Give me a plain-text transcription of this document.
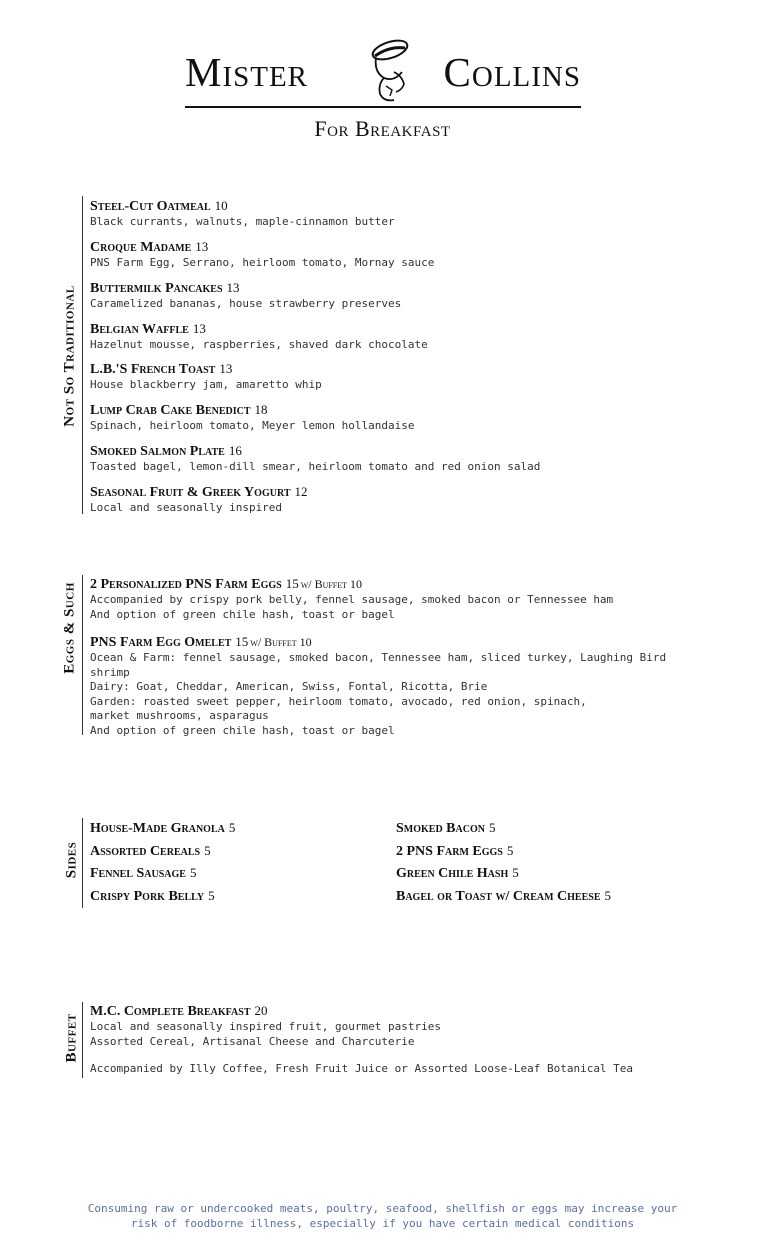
Mister	Collins
For Breakfast
Not So Traditional
Steel-Cut Oatmeal 10
Black currants, walnuts, maple-cinnamon butter
Croque Madame 13
PNS Farm Egg, Serrano, heirloom tomato, Mornay sauce
Buttermilk Pancakes 13
Caramelized bananas, house strawberry preserves
Belgian Waffle 13
Hazelnut mousse, raspberries, shaved dark chocolate
L.B.'S French Toast 13
House blackberry jam, amaretto whip
Lump Crab Cake Benedict 18
Spinach, heirloom tomato, Meyer lemon hollandaise
Smoked Salmon Plate 16
Toasted bagel, lemon-dill smear, heirloom tomato and red onion salad
Seasonal Fruit & Greek Yogurt 12
Local and seasonally inspired
Eggs & Such 2 Personalized PNS Farm Eggs 15 w/ Buffet 10
Accompanied by crispy pork belly, fennel sausage, smoked bacon or Tennessee ham
And option of green chile hash, toast or bagel
PNS Farm Egg Omelet 15 w/ Buffet 10
Ocean & Farm: fennel sausage, smoked bacon, Tennessee ham, sliced turkey, Laughing Bird shrimp
Dairy: Goat, Cheddar, American, Swiss, Fontal, Ricotta, Brie
Garden: roasted sweet pepper, heirloom tomato, avocado, red onion, spinach, market mushrooms, asparagus
And option of green chile hash, toast or bagel
Sides
House-Made Granola 5
Assorted Cereals 5
Fennel Sausage 5
Crispy Pork Belly 5
Smoked Bacon 5
2 PNS Farm Eggs 5
Green Chile Hash 5
Bagel or Toast w/ Cream Cheese 5
Buffet
M.C. Complete Breakfast 20
Local and seasonally inspired fruit, gourmet pastries
Assorted Cereal, Artisanal Cheese and Charcuterie
Accompanied by Illy Coffee, Fresh Fruit Juice or Assorted Loose-Leaf Botanical Tea
Consuming raw or undercooked meats, poultry, seafood, shellfish or eggs may increase your
risk of foodborne illness, especially if you have certain medical conditions
